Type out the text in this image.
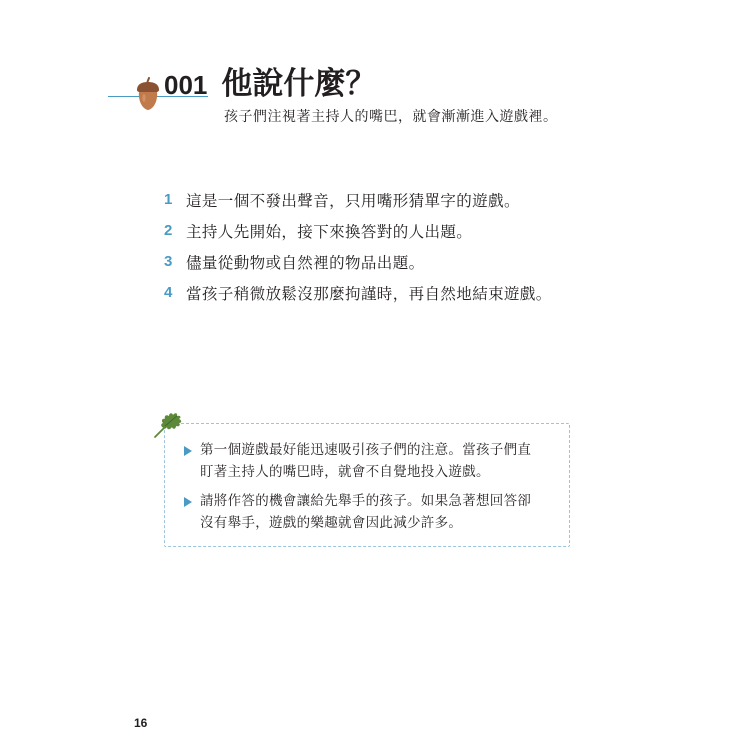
001 他說什麼？
孩子們注視著主持人的嘴巴，就會漸漸進入遊戲裡。
1 這是一個不發出聲音，只用嘴形猜單字的遊戲。
2 主持人先開始，接下來換答對的人出題。
3 儘量從動物或自然裡的物品出題。
4 當孩子稍微放鬆沒那麼拘謹時，再自然地結束遊戲。
第一個遊戲最好能迅速吸引孩子們的注意。當孩子們直
盯著主持人的嘴巴時，就會不自覺地投入遊戲。
請將作答的機會讓給先舉手的孩子。如果急著想回答卻
沒有舉手，遊戲的樂趣就會因此減少許多。
16
